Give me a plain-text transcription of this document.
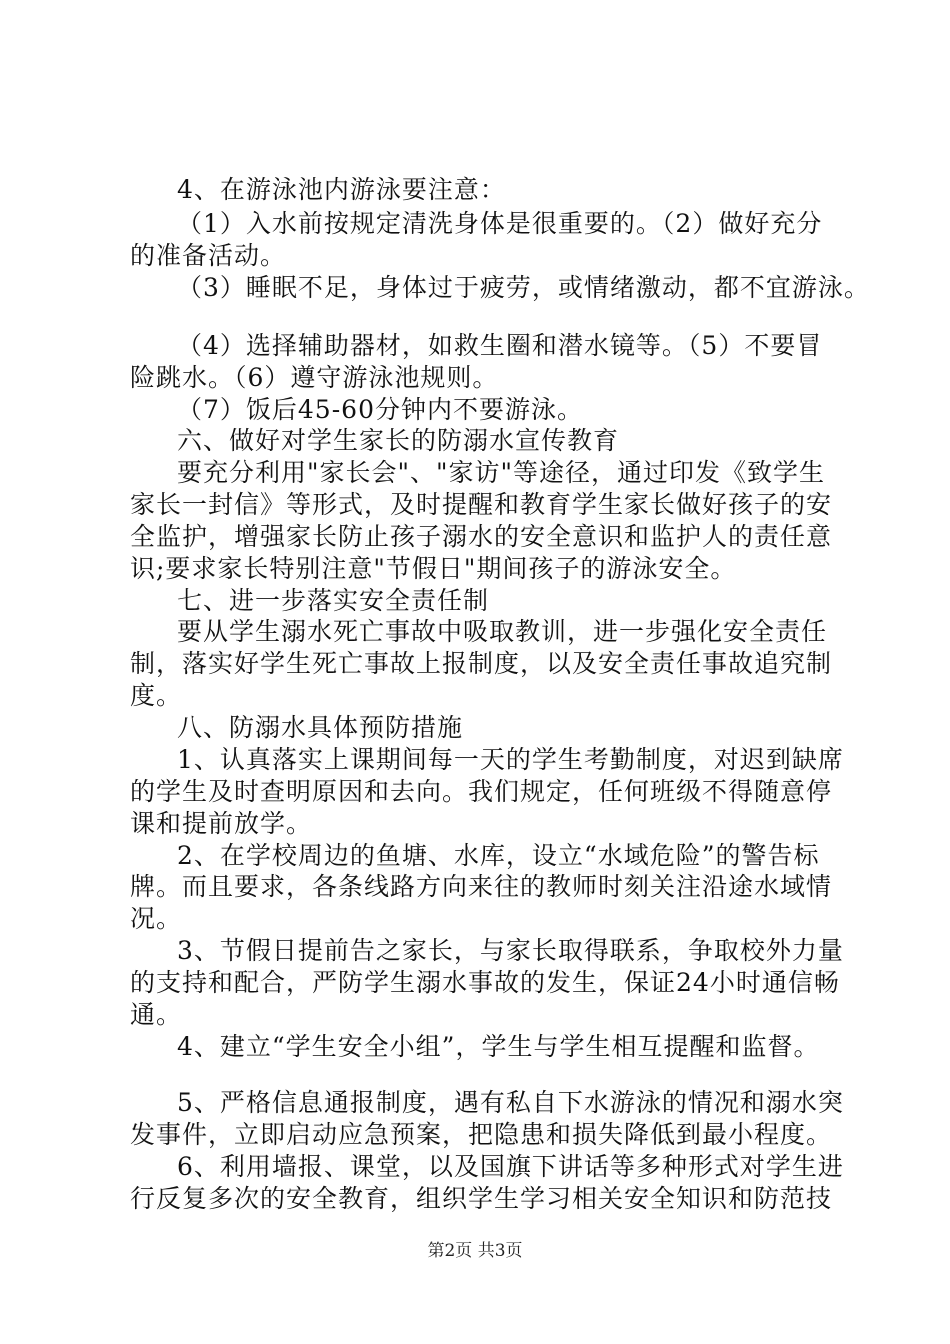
4、在游泳池内游泳要注意：
（1）入水前按规定清洗身体是很重要的。（2）做好充分
的准备活动。
（3）睡眠不足，身体过于疲劳，或情绪激动，都不宜游泳。
（4）选择辅助器材，如救生圈和潜水镜等。（5）不要冒
险跳水。（6）遵守游泳池规则。
（7）饭后45-60分钟内不要游泳。
六、做好对学生家长的防溺水宣传教育
要充分利用"家长会"、"家访"等途径，通过印发《致学生
家长一封信》等形式，及时提醒和教育学生家长做好孩子的安
全监护，增强家长防止孩子溺水的安全意识和监护人的责任意
识;要求家长特别注意"节假日"期间孩子的游泳安全。
七、进一步落实安全责任制
要从学生溺水死亡事故中吸取教训，进一步强化安全责任
制，落实好学生死亡事故上报制度，以及安全责任事故追究制
度。
八、防溺水具体预防措施
1、认真落实上课期间每一天的学生考勤制度，对迟到缺席
的学生及时查明原因和去向。我们规定，任何班级不得随意停
课和提前放学。
2、在学校周边的鱼塘、水库，设立“水域危险”的警告标
牌。而且要求，各条线路方向来往的教师时刻关注沿途水域情
况。
3、节假日提前告之家长，与家长取得联系，争取校外力量
的支持和配合，严防学生溺水事故的发生，保证24小时通信畅
通。
4、建立“学生安全小组”，学生与学生相互提醒和监督。
5、严格信息通报制度，遇有私自下水游泳的情况和溺水突
发事件，立即启动应急预案，把隐患和损失降低到最小程度。
6、利用墙报、课堂，以及国旗下讲话等多种形式对学生进
行反复多次的安全教育，组织学生学习相关安全知识和防范技
第2页 共3页
